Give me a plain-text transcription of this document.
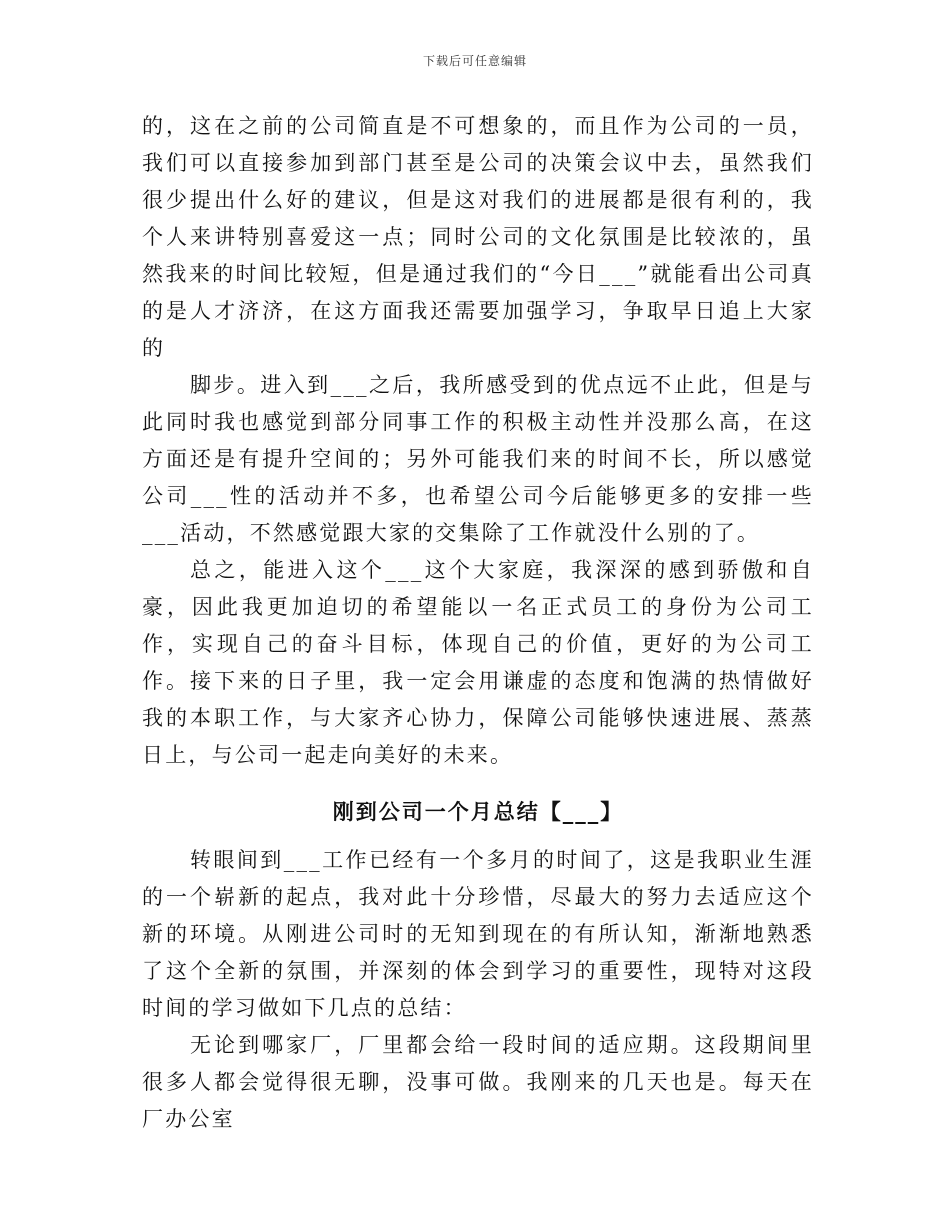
下载后可任意编辑

的，这在之前的公司简直是不可想象的，而且作为公司的一员，我们可以直接参加到部门甚至是公司的决策会议中去，虽然我们很少提出什么好的建议，但是这对我们的进展都是很有利的，我个人来讲特别喜爱这一点；同时公司的文化氛围是比较浓的，虽然我来的时间比较短，但是通过我们的“今日___”就能看出公司真的是人才济济，在这方面我还需要加强学习，争取早日追上大家的

脚步。进入到___之后，我所感受到的优点远不止此，但是与此同时我也感觉到部分同事工作的积极主动性并没那么高，在这方面还是有提升空间的；另外可能我们来的时间不长，所以感觉公司___性的活动并不多，也希望公司今后能够更多的安排一些___活动，不然感觉跟大家的交集除了工作就没什么别的了。

总之，能进入这个___这个大家庭，我深深的感到骄傲和自豪，因此我更加迫切的希望能以一名正式员工的身份为公司工作，实现自己的奋斗目标，体现自己的价值，更好的为公司工作。接下来的日子里，我一定会用谦虚的态度和饱满的热情做好我的本职工作，与大家齐心协力，保障公司能够快速进展、蒸蒸日上，与公司一起走向美好的未来。

刚到公司一个月总结【___】

转眼间到___工作已经有一个多月的时间了，这是我职业生涯的一个崭新的起点，我对此十分珍惜，尽最大的努力去适应这个新的环境。从刚进公司时的无知到现在的有所认知，渐渐地熟悉了这个全新的氛围，并深刻的体会到学习的重要性，现特对这段时间的学习做如下几点的总结：

无论到哪家厂，厂里都会给一段时间的适应期。这段期间里很多人都会觉得很无聊，没事可做。我刚来的几天也是。每天在厂办公室
